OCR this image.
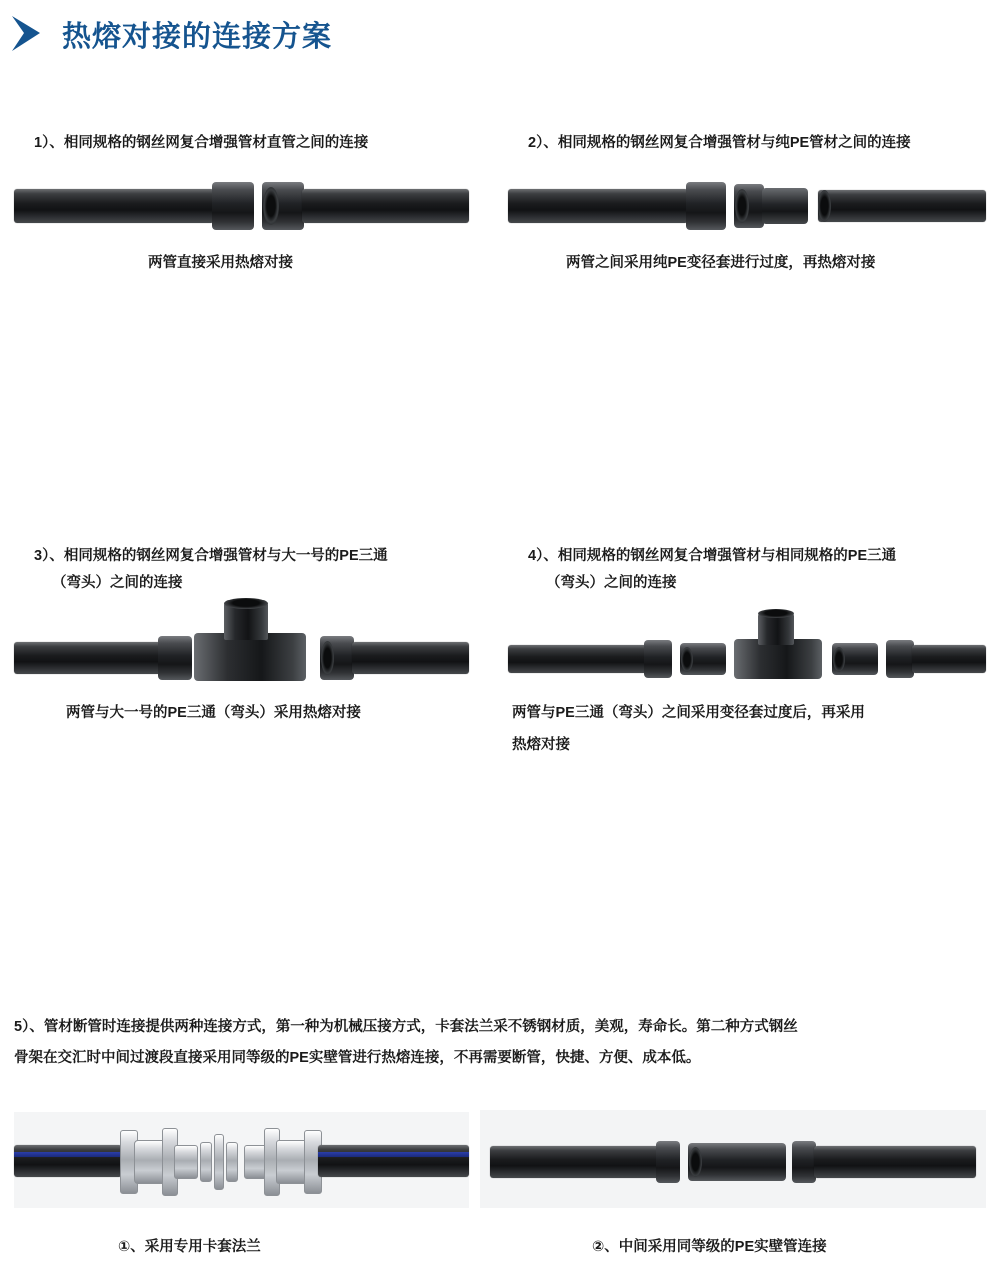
热熔对接的连接方案
1）、相同规格的钢丝网复合增强管材直管之间的连接
两管直接采用热熔对接
2）、相同规格的钢丝网复合增强管材与纯PE管材之间的连接
两管之间采用纯PE变径套进行过度，再热熔对接
3）、相同规格的钢丝网复合增强管材与大一号的PE三通
（弯头）之间的连接
两管与大一号的PE三通（弯头）采用热熔对接
4）、相同规格的钢丝网复合增强管材与相同规格的PE三通
（弯头）之间的连接
两管与PE三通（弯头）之间采用变径套过度后，再采用
热熔对接
5）、管材断管时连接提供两种连接方式，第一种为机械压接方式，卡套法兰采不锈钢材质，美观，寿命长。第二种方式钢丝
骨架在交汇时中间过渡段直接采用同等级的PE实壁管进行热熔连接，不再需要断管，快捷、方便、成本低。
①、采用专用卡套法兰	②、中间采用同等级的PE实壁管连接
